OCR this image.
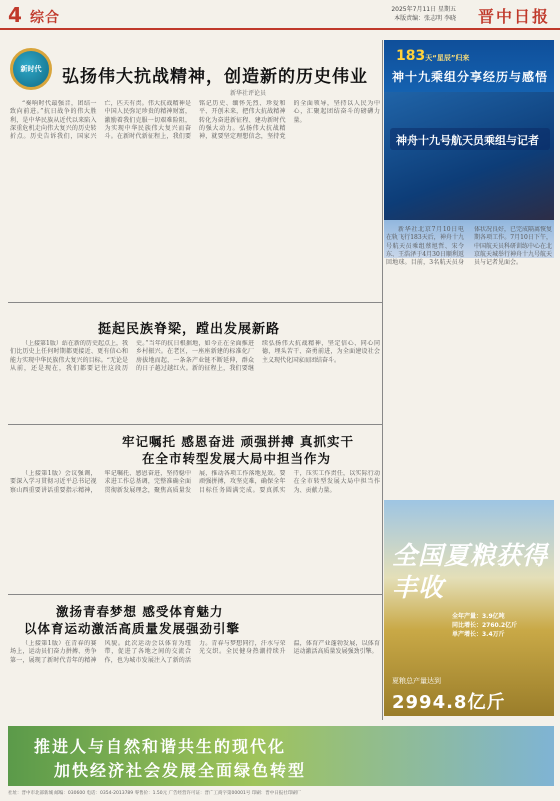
4 综合
2025年7月11日 星期五
本版责编：张志明 李晓 晋中日报
新时代	弘扬伟大抗战精神，创造新的历史伟业
新华社评论员
“奏响时代最强音，团结一致向前进。”抗日战争的伟大胜利，是中华民族从近代以来陷入深重危机走向伟大复兴的历史转折点。历史告诉我们，国家兴亡，匹夫有责。伟大抗战精神是中国人民弥足珍贵的精神财富，激励着我们克服一切艰难险阻，为实现中华民族伟大复兴而奋斗。在新时代新征程上，我们要铭记历史、缅怀先烈、珍爱和平、开创未来，把伟大抗战精神转化为奋进新征程、建功新时代的强大动力。弘扬伟大抗战精神，就要坚定理想信念，坚持党的全面领导，坚持以人民为中心，汇聚起团结奋斗的磅礴力量。
183天“星辰”归来
神十九乘组分享经历与感悟
神舟十九号航天员乘组与记者
新华社北京7月10日电 在轨飞行183天后，神舟十九号航天员乘组蔡旭哲、宋令东、王浩泽于4月30日顺利返回地球。目前，3名航天员身体状况良好，已完成隔离恢复期各项工作。7月10日下午，中国航天员科研训练中心在北京航天城举行神舟十九号航天员与记者见面会。
挺起民族脊梁，蹚出发展新路
（上接第1版）站在新的历史起点上，我们比历史上任何时期都更接近、更有信心和能力实现中华民族伟大复兴的目标。“无论是从前，还是现在，我们都要记住这段历史。”当年的抗日根据地，如今正在全面推进乡村振兴。在老区，一座座新建的标准化厂房拔地而起，一条条产业链不断延伸，群众的日子越过越红火。新的征程上，我们要继续弘扬伟大抗战精神，坚定信心、同心同德，埋头苦干、奋勇前进，为全面建设社会主义现代化国家而团结奋斗。
牢记嘱托 感恩奋进 顽强拼搏 真抓实干
在全市转型发展大局中担当作为
（上接第1版）会议强调，要深入学习贯彻习近平总书记视察山西重要讲话重要指示精神，牢记嘱托、感恩奋进，坚持稳中求进工作总基调，完整准确全面贯彻新发展理念，聚焦高质量发展，推动各项工作落地见效。要顽强拼搏，攻坚克难，确保全年目标任务圆满完成。要真抓实干，压实工作责任，以实际行动在全市转型发展大局中担当作为、贡献力量。
激扬青春梦想 感受体育魅力
以体育运动激活高质量发展强劲引擎
（上接第1版）在青春的赛场上，运动员们奋力拼搏、勇争第一，展现了新时代青年的精神风貌。此次运动会以体育为纽带，促进了各地之间的交流合作，也为城市发展注入了新的活力。青春与梦想同行，汗水与荣光交织。全民健身热潮持续升温，体育产业蓬勃发展，以体育运动激活高质量发展强劲引擎。
全国夏粮获得丰收
全年产量：3.9亿吨
同比增长：2760.2亿斤
单产增长：3.4万斤
夏粮总产量达到
2994.8亿斤
推进人与自然和谐共生的现代化
加快经济社会发展全面绿色转型
社址：晋中市北部新城 邮编：030600 电话：0354-2013789 零售价：1.50元 广告经营许可证：晋广工商字第00001号 印刷：晋中日报社印刷厂
